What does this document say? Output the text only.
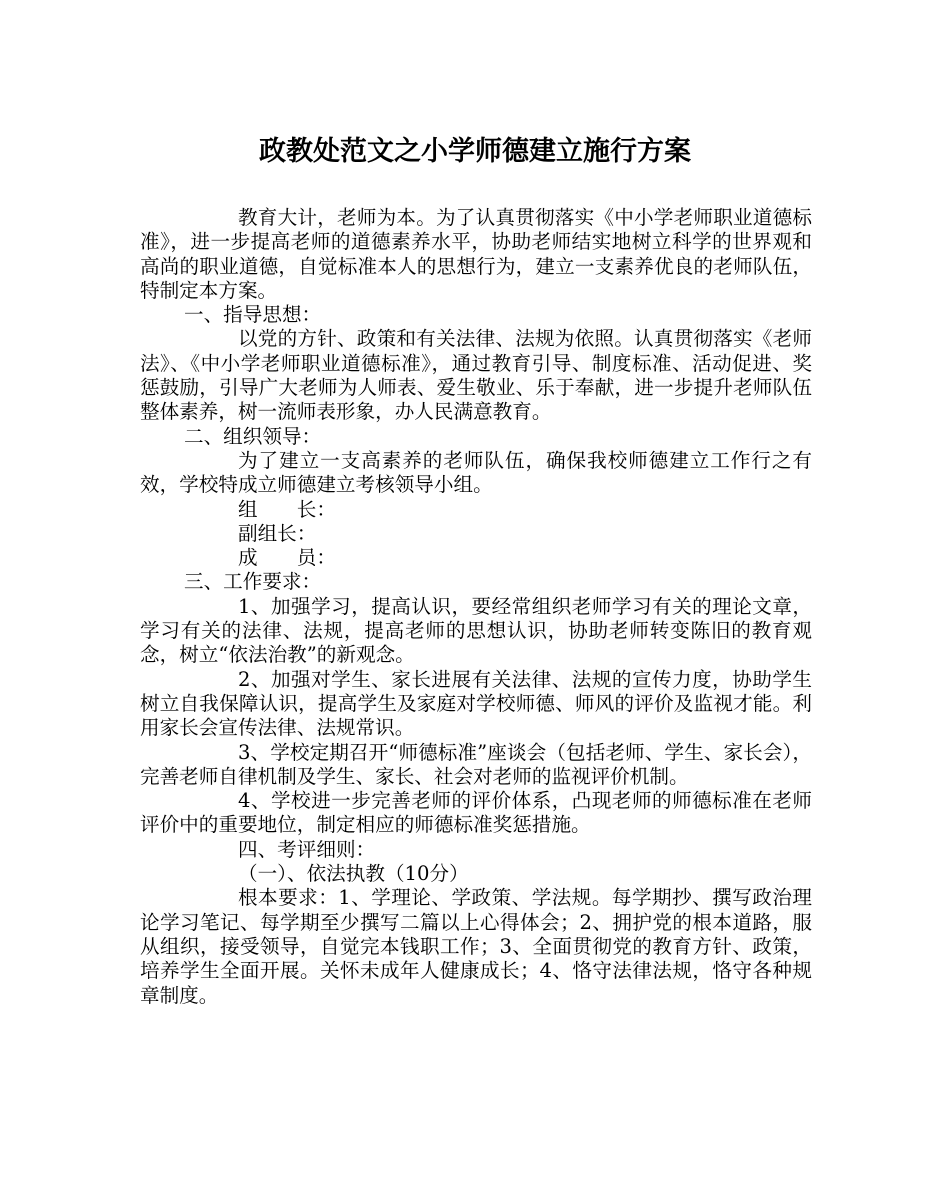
政教处范文之小学师德建立施行方案

教育大计，老师为本。为了认真贯彻落实《中小学老师职业道德标准》，进一步提高老师的道德素养水平，协助老师结实地树立科学的世界观和高尚的职业道德，自觉标准本人的思想行为，建立一支素养优良的老师队伍，特制定本方案。

一、指导思想：

以党的方针、政策和有关法律、法规为依照。认真贯彻落实《老师法》、《中小学老师职业道德标准》，通过教育引导、制度标准、活动促进、奖惩鼓励，引导广大老师为人师表、爱生敬业、乐于奉献，进一步提升老师队伍整体素养，树一流师表形象，办人民满意教育。

二、组织领导：

为了建立一支高素养的老师队伍，确保我校师德建立工作行之有效，学校特成立师德建立考核领导小组。

组　　长：

副组长：

成　　员：

三、工作要求：

1、加强学习，提高认识，要经常组织老师学习有关的理论文章，学习有关的法律、法规，提高老师的思想认识，协助老师转变陈旧的教育观念，树立“依法治教”的新观念。

2、加强对学生、家长进展有关法律、法规的宣传力度，协助学生树立自我保障认识，提高学生及家庭对学校师德、师风的评价及监视才能。利用家长会宣传法律、法规常识。

3、学校定期召开“师德标准”座谈会（包括老师、学生、家长会），完善老师自律机制及学生、家长、社会对老师的监视评价机制。

4、学校进一步完善老师的评价体系，凸现老师的师德标准在老师评价中的重要地位，制定相应的师德标准奖惩措施。

四、考评细则：

（一）、依法执教（10分）

根本要求：1、学理论、学政策、学法规。每学期抄、撰写政治理论学习笔记、每学期至少撰写二篇以上心得体会；2、拥护党的根本道路，服从组织，接受领导，自觉完本钱职工作；3、全面贯彻党的教育方针、政策，培养学生全面开展。关怀未成年人健康成长；4、恪守法律法规，恪守各种规章制度。
